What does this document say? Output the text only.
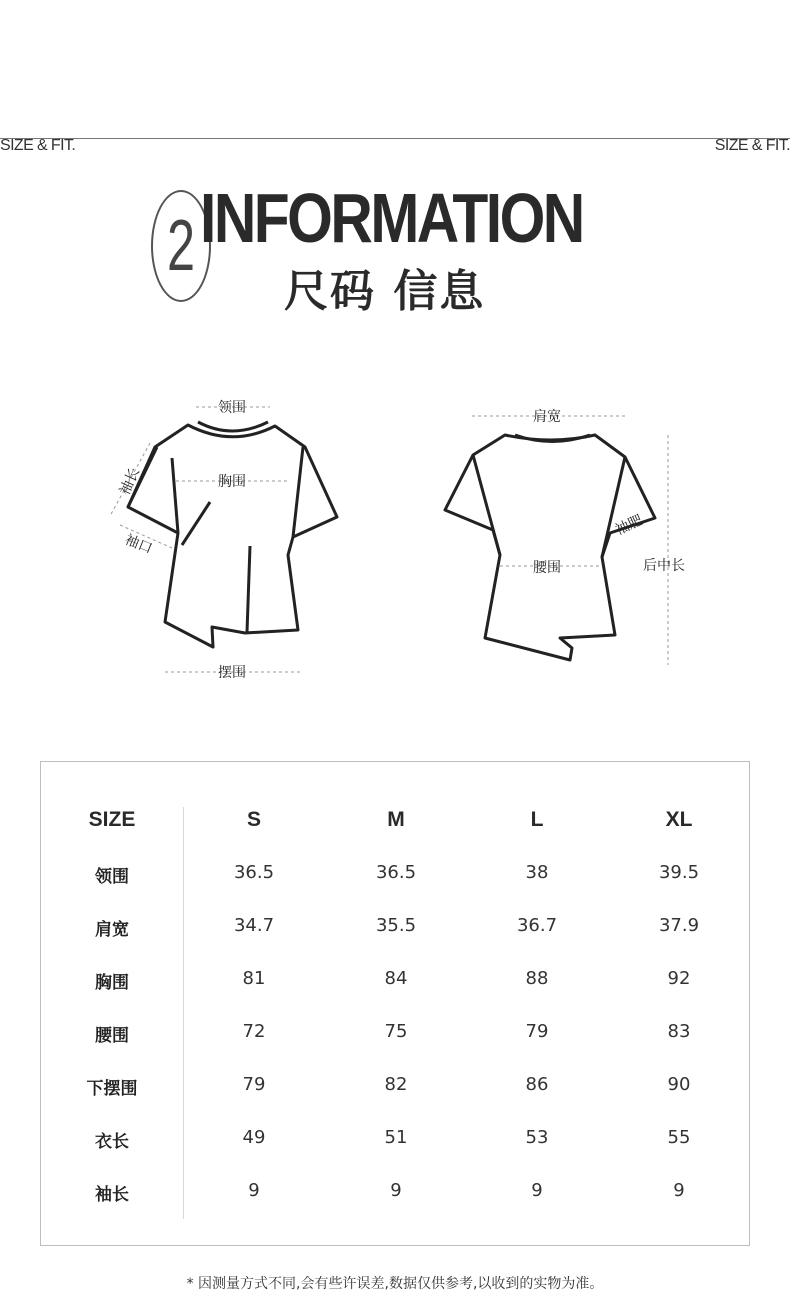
SIZE & FIT.	SIZE & FIT.
2 INFORMATION
尺码 信息
领围
胸围
摆围
袖长
袖口
肩宽
腰围	后中长
袖肥
SIZE	S	M	L	XL
领围	36.5	36.5	38	39.5
肩宽	34.7	35.5	36.7	37.9
胸围	81	84	88	92
腰围	72	75	79	83
下摆围	79	82	86	90
衣长	49	51	53	55
袖长	9	9	9	9
* 因测量方式不同,会有些许误差,数据仅供参考,以收到的实物为准。
